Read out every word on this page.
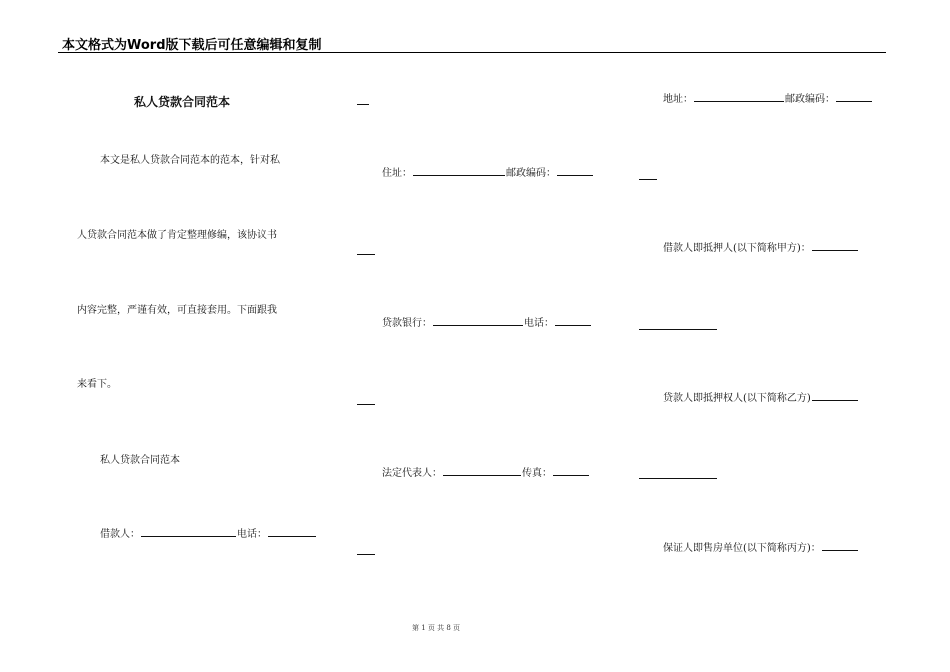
本文格式为Word版下载后可任意编辑和复制
私人贷款合同范本
本文是私人贷款合同范本的范本，针对私
人贷款合同范本做了肯定整理修编，该协议书
内容完整，严谨有效，可直接套用。下面跟我
来看下。
私人贷款合同范本
借款人：	电话：
住址：	邮政编码：
贷款银行：	电话：
法定代表人：	传真：
地址：	邮政编码：
借款人即抵押人(以下简称甲方)：
贷款人即抵押权人(以下简称乙方)
保证人即售房单位(以下简称丙方)：
第 1 页 共 8 页
